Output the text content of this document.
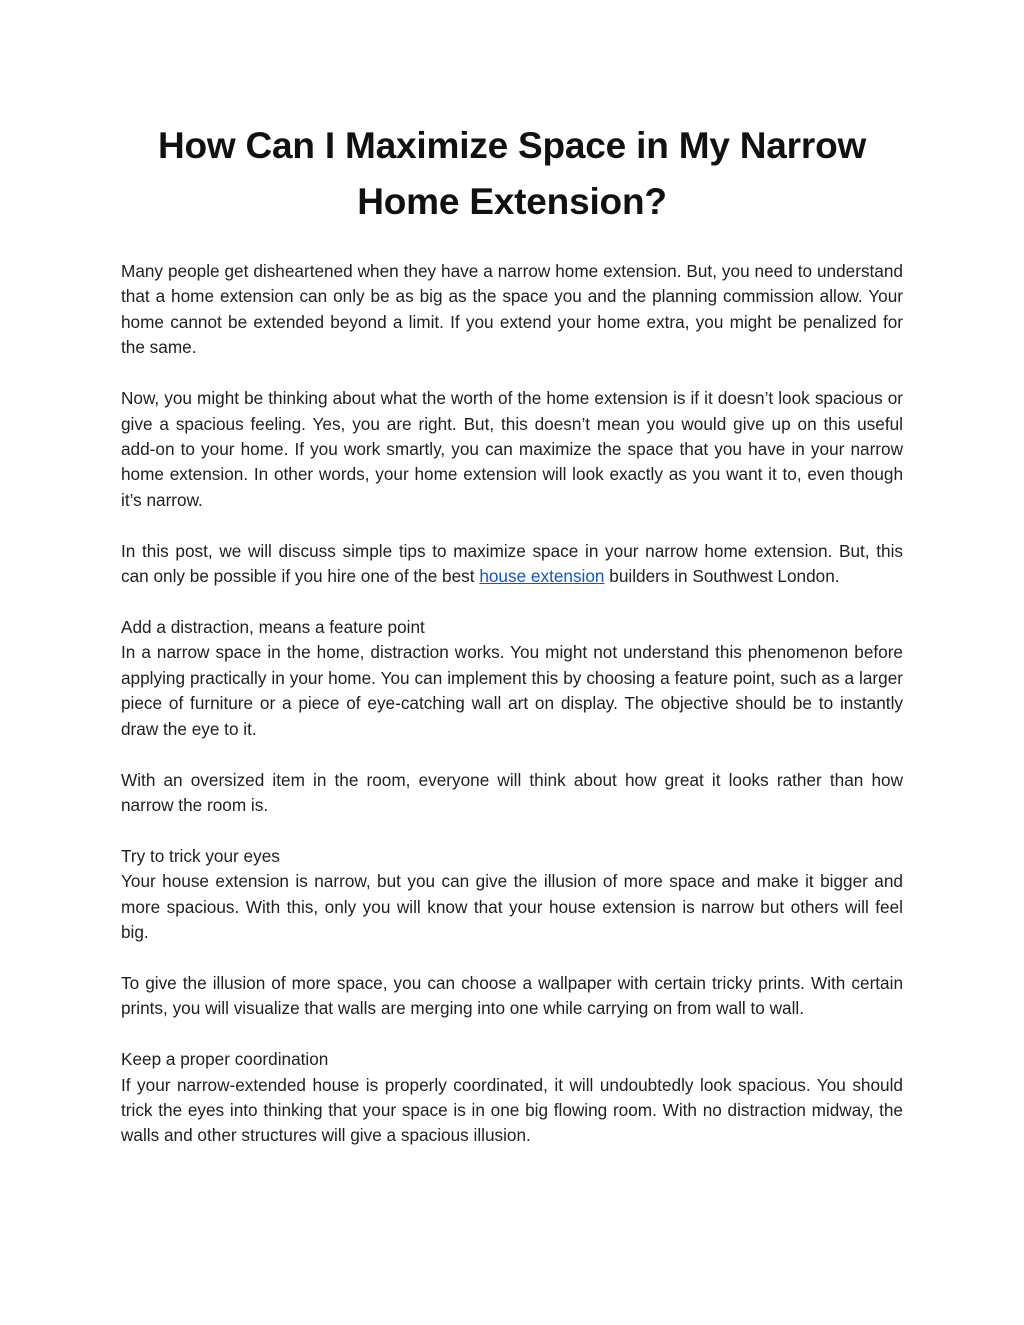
How Can I Maximize Space in My Narrow
Home Extension?

Many people get disheartened when they have a narrow home extension. But, you need to understand that a home extension can only be as big as the space you and the planning commission allow. Your home cannot be extended beyond a limit. If you extend your home extra, you might be penalized for the same.

Now, you might be thinking about what the worth of the home extension is if it doesn’t look spacious or give a spacious feeling. Yes, you are right. But, this doesn’t mean you would give up on this useful add-on to your home. If you work smartly, you can maximize the space that you have in your narrow home extension. In other words, your home extension will look exactly as you want it to, even though it’s narrow.

In this post, we will discuss simple tips to maximize space in your narrow home extension. But, this can only be possible if you hire one of the best house extension builders in Southwest London.

Add a distraction, means a feature point
In a narrow space in the home, distraction works. You might not understand this phenomenon before applying practically in your home. You can implement this by choosing a feature point, such as a larger piece of furniture or a piece of eye-catching wall art on display. The objective should be to instantly draw the eye to it.

With an oversized item in the room, everyone will think about how great it looks rather than how narrow the room is.

Try to trick your eyes
Your house extension is narrow, but you can give the illusion of more space and make it bigger and more spacious. With this, only you will know that your house extension is narrow but others will feel big.

To give the illusion of more space, you can choose a wallpaper with certain tricky prints. With certain prints, you will visualize that walls are merging into one while carrying on from wall to wall.

Keep a proper coordination
If your narrow-extended house is properly coordinated, it will undoubtedly look spacious. You should trick the eyes into thinking that your space is in one big flowing room. With no distraction midway, the walls and other structures will give a spacious illusion.
